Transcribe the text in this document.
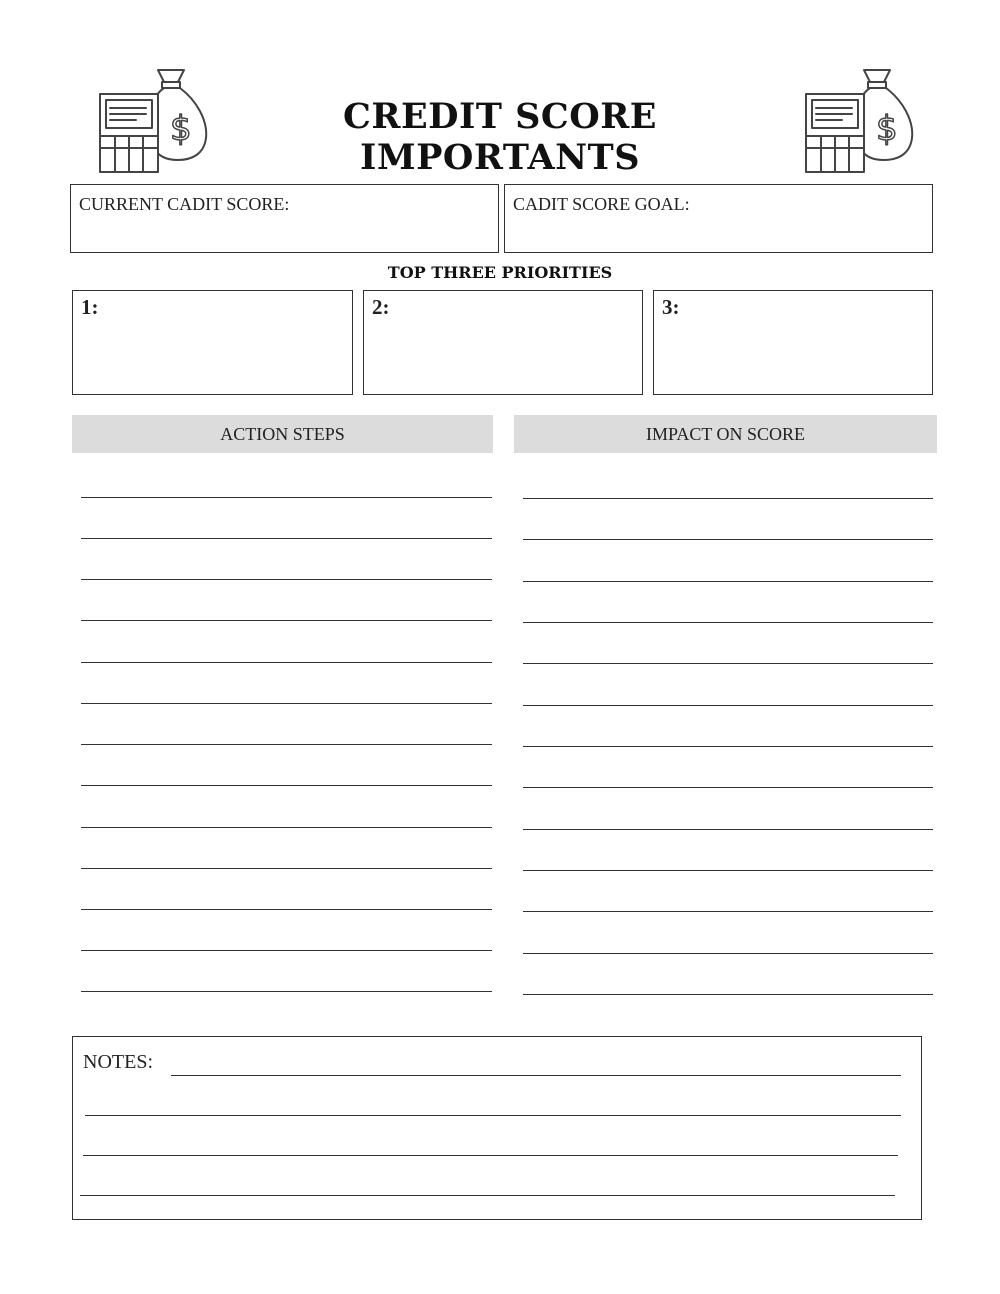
$	$
CREDIT SCORE IMPORTANTS
CURRENT CADIT SCORE:	CADIT SCORE GOAL:
TOP THREE PRIORITIES
1:	2:	3:
ACTION STEPS	IMPACT ON SCORE
NOTES:
